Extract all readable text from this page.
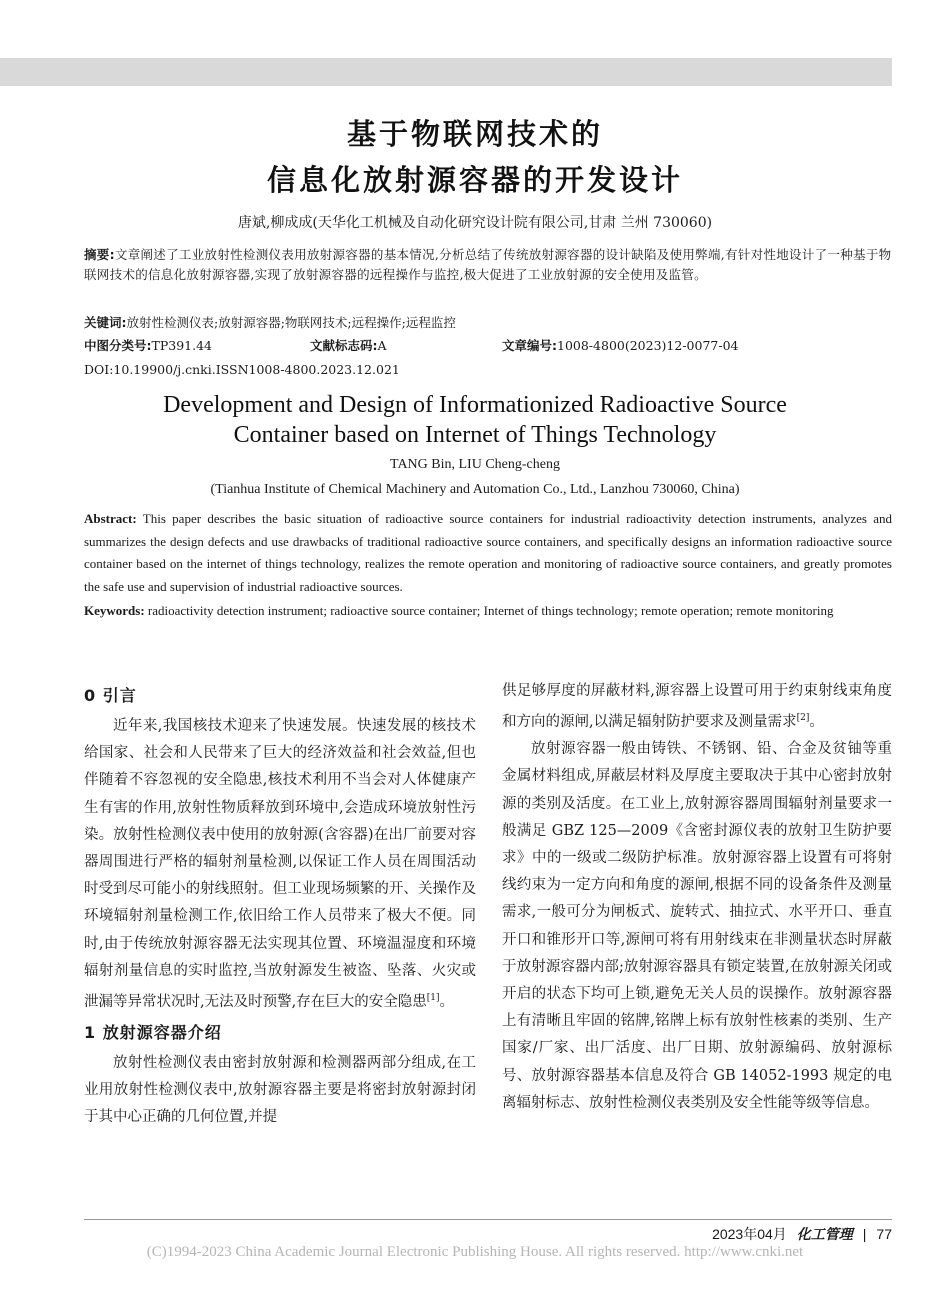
基于物联网技术的
信息化放射源容器的开发设计
唐斌,柳成成(天华化工机械及自动化研究设计院有限公司,甘肃 兰州 730060)
摘要:文章阐述了工业放射性检测仪表用放射源容器的基本情况,分析总结了传统放射源容器的设计缺陷及使用弊端,有针对性地设计了一种基于物联网技术的信息化放射源容器,实现了放射源容器的远程操作与监控,极大促进了工业放射源的安全使用及监管。
关键词:放射性检测仪表;放射源容器;物联网技术;远程操作;远程监控
中图分类号:TP391.44	文献标志码:A	文章编号:1008-4800(2023)12-0077-04
DOI:10.19900/j.cnki.ISSN1008-4800.2023.12.021
Development and Design of Informationized Radioactive Source
Container based on Internet of Things Technology
TANG Bin, LIU Cheng-cheng
(Tianhua Institute of Chemical Machinery and Automation Co., Ltd., Lanzhou 730060, China)
Abstract: This paper describes the basic situation of radioactive source containers for industrial radioactivity detection instruments, analyzes and summarizes the design defects and use drawbacks of traditional radioactive source containers, and specifically designs an information radioactive source container based on the internet of things technology, realizes the remote operation and monitoring of radioactive source containers, and greatly promotes the safe use and supervision of industrial radioactive sources.
Keywords: radioactivity detection instrument; radioactive source container; Internet of things technology; remote operation; remote monitoring
0 引言

近年来,我国核技术迎来了快速发展。快速发展的核技术给国家、社会和人民带来了巨大的经济效益和社会效益,但也伴随着不容忽视的安全隐患,核技术利用不当会对人体健康产生有害的作用,放射性物质释放到环境中,会造成环境放射性污染。放射性检测仪表中使用的放射源(含容器)在出厂前要对容器周围进行严格的辐射剂量检测,以保证工作人员在周围活动时受到尽可能小的射线照射。但工业现场频繁的开、关操作及环境辐射剂量检测工作,依旧给工作人员带来了极大不便。同时,由于传统放射源容器无法实现其位置、环境温湿度和环境辐射剂量信息的实时监控,当放射源发生被盗、坠落、火灾或泄漏等异常状况时,无法及时预警,存在巨大的安全隐患[1]。

1 放射源容器介绍

放射性检测仪表由密封放射源和检测器两部分组成,在工业用放射性检测仪表中,放射源容器主要是将密封放射源封闭于其中心正确的几何位置,并提

供足够厚度的屏蔽材料,源容器上设置可用于约束射线束角度和方向的源闸,以满足辐射防护要求及测量需求[2]。

放射源容器一般由铸铁、不锈钢、铅、合金及贫铀等重金属材料组成,屏蔽层材料及厚度主要取决于其中心密封放射源的类别及活度。在工业上,放射源容器周围辐射剂量要求一般满足 GBZ 125—2009《含密封源仪表的放射卫生防护要求》中的一级或二级防护标准。放射源容器上设置有可将射线约束为一定方向和角度的源闸,根据不同的设备条件及测量需求,一般可分为闸板式、旋转式、抽拉式、水平开口、垂直开口和锥形开口等,源闸可将有用射线束在非测量状态时屏蔽于放射源容器内部;放射源容器具有锁定装置,在放射源关闭或开启的状态下均可上锁,避免无关人员的误操作。放射源容器上有清晰且牢固的铭牌,铭牌上标有放射性核素的类别、生产国家/厂家、出厂活度、出厂日期、放射源编码、放射源标号、放射源容器基本信息及符合 GB 14052-1993 规定的电离辐射标志、放射性检测仪表类别及安全性能等级等信息。

2023年04月 化工管理 | 77
(C)1994-2023 China Academic Journal Electronic Publishing House. All rights reserved. http://www.cnki.net
